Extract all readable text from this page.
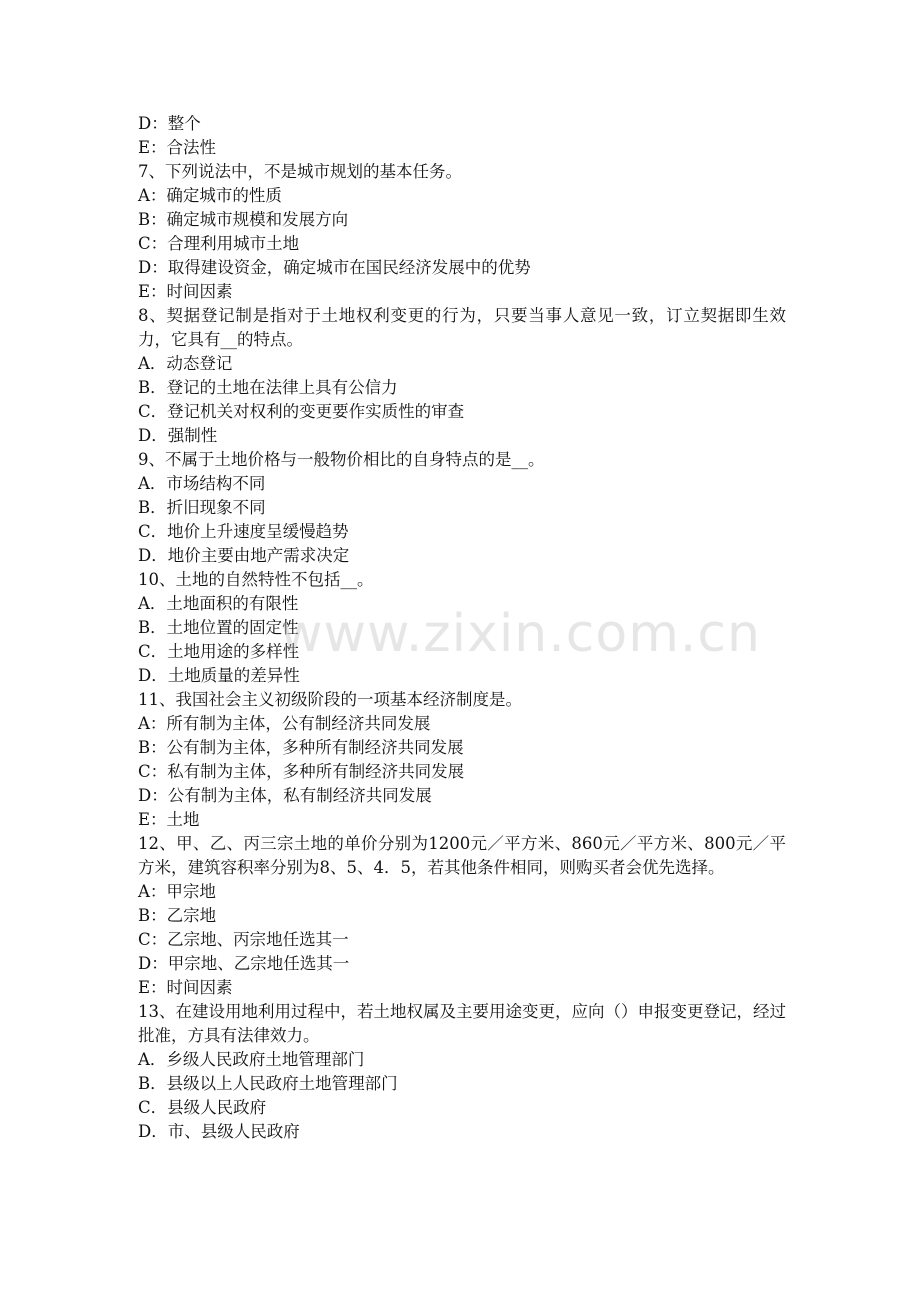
D：整个
E：合法性
7、下列说法中，不是城市规划的基本任务。
A：确定城市的性质
B：确定城市规模和发展方向
C：合理利用城市土地
D：取得建设资金，确定城市在国民经济发展中的优势
E：时间因素
8、契据登记制是指对于土地权利变更的行为，只要当事人意见一致，订立契据即生效力，它具有__的特点。
A．动态登记
B．登记的土地在法律上具有公信力
C．登记机关对权利的变更要作实质性的审查
D．强制性
9、不属于土地价格与一般物价相比的自身特点的是__。
A．市场结构不同
B．折旧现象不同
C．地价上升速度呈缓慢趋势
D．地价主要由地产需求决定
10、土地的自然特性不包括__。
A．土地面积的有限性
B．土地位置的固定性
C．土地用途的多样性
D．土地质量的差异性
11、我国社会主义初级阶段的一项基本经济制度是。
A：所有制为主体，公有制经济共同发展
B：公有制为主体，多种所有制经济共同发展
C：私有制为主体，多种所有制经济共同发展
D：公有制为主体，私有制经济共同发展
E：土地
12、甲、乙、丙三宗土地的单价分别为1200元／平方米、860元／平方米、800元／平方米，建筑容积率分别为8、5、4．5，若其他条件相同，则购买者会优先选择。
A：甲宗地
B：乙宗地
C：乙宗地、丙宗地任选其一
D：甲宗地、乙宗地任选其一
E：时间因素
13、在建设用地利用过程中，若土地权属及主要用途变更，应向（）申报变更登记，经过批准，方具有法律效力。
A．乡级人民政府土地管理部门
B．县级以上人民政府土地管理部门
C．县级人民政府
D．市、县级人民政府
www.zixin.com.cn
